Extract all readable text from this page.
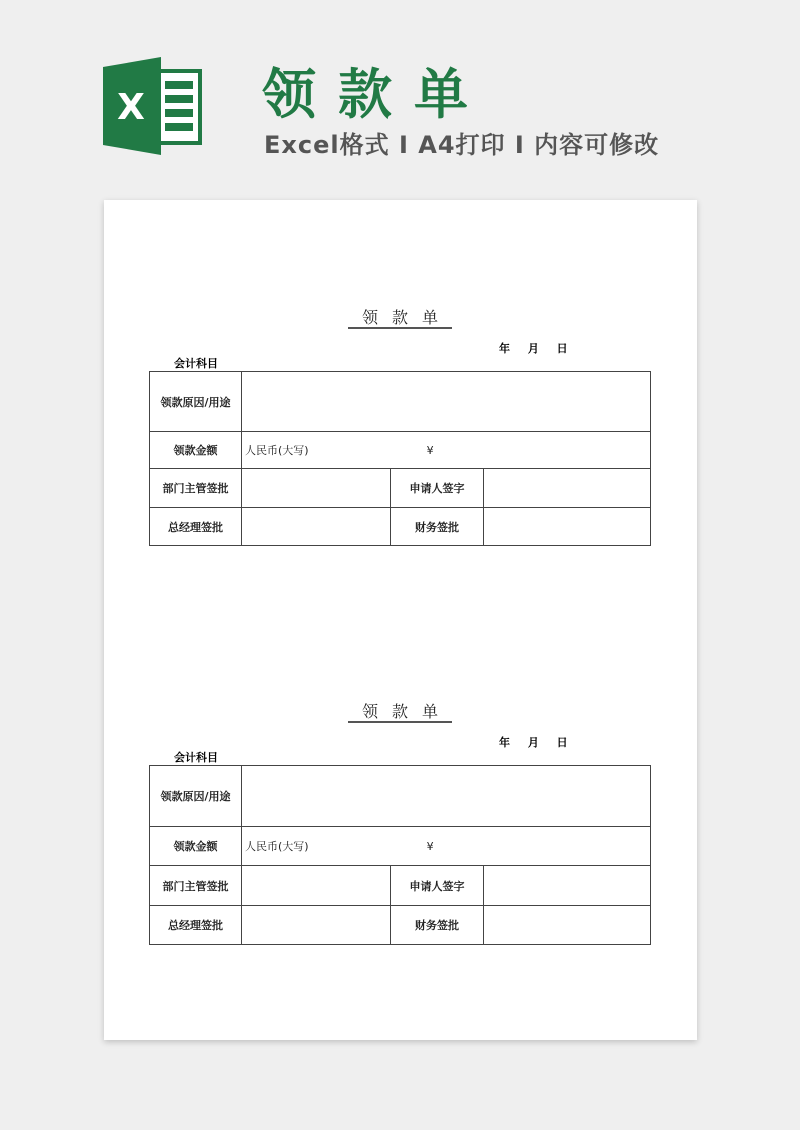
X 领款单
Excel格式 I A4打印 I 内容可修改
领款单
年 月 日
会计科目
领款原因/用途			
领款金额	人民币(大写) ¥		
部门主管签批		申请人签字	
总经理签批		财务签批	
领款单
年 月 日
会计科目
领款原因/用途			
领款金额	人民币(大写) ¥		
部门主管签批		申请人签字	
总经理签批		财务签批	
